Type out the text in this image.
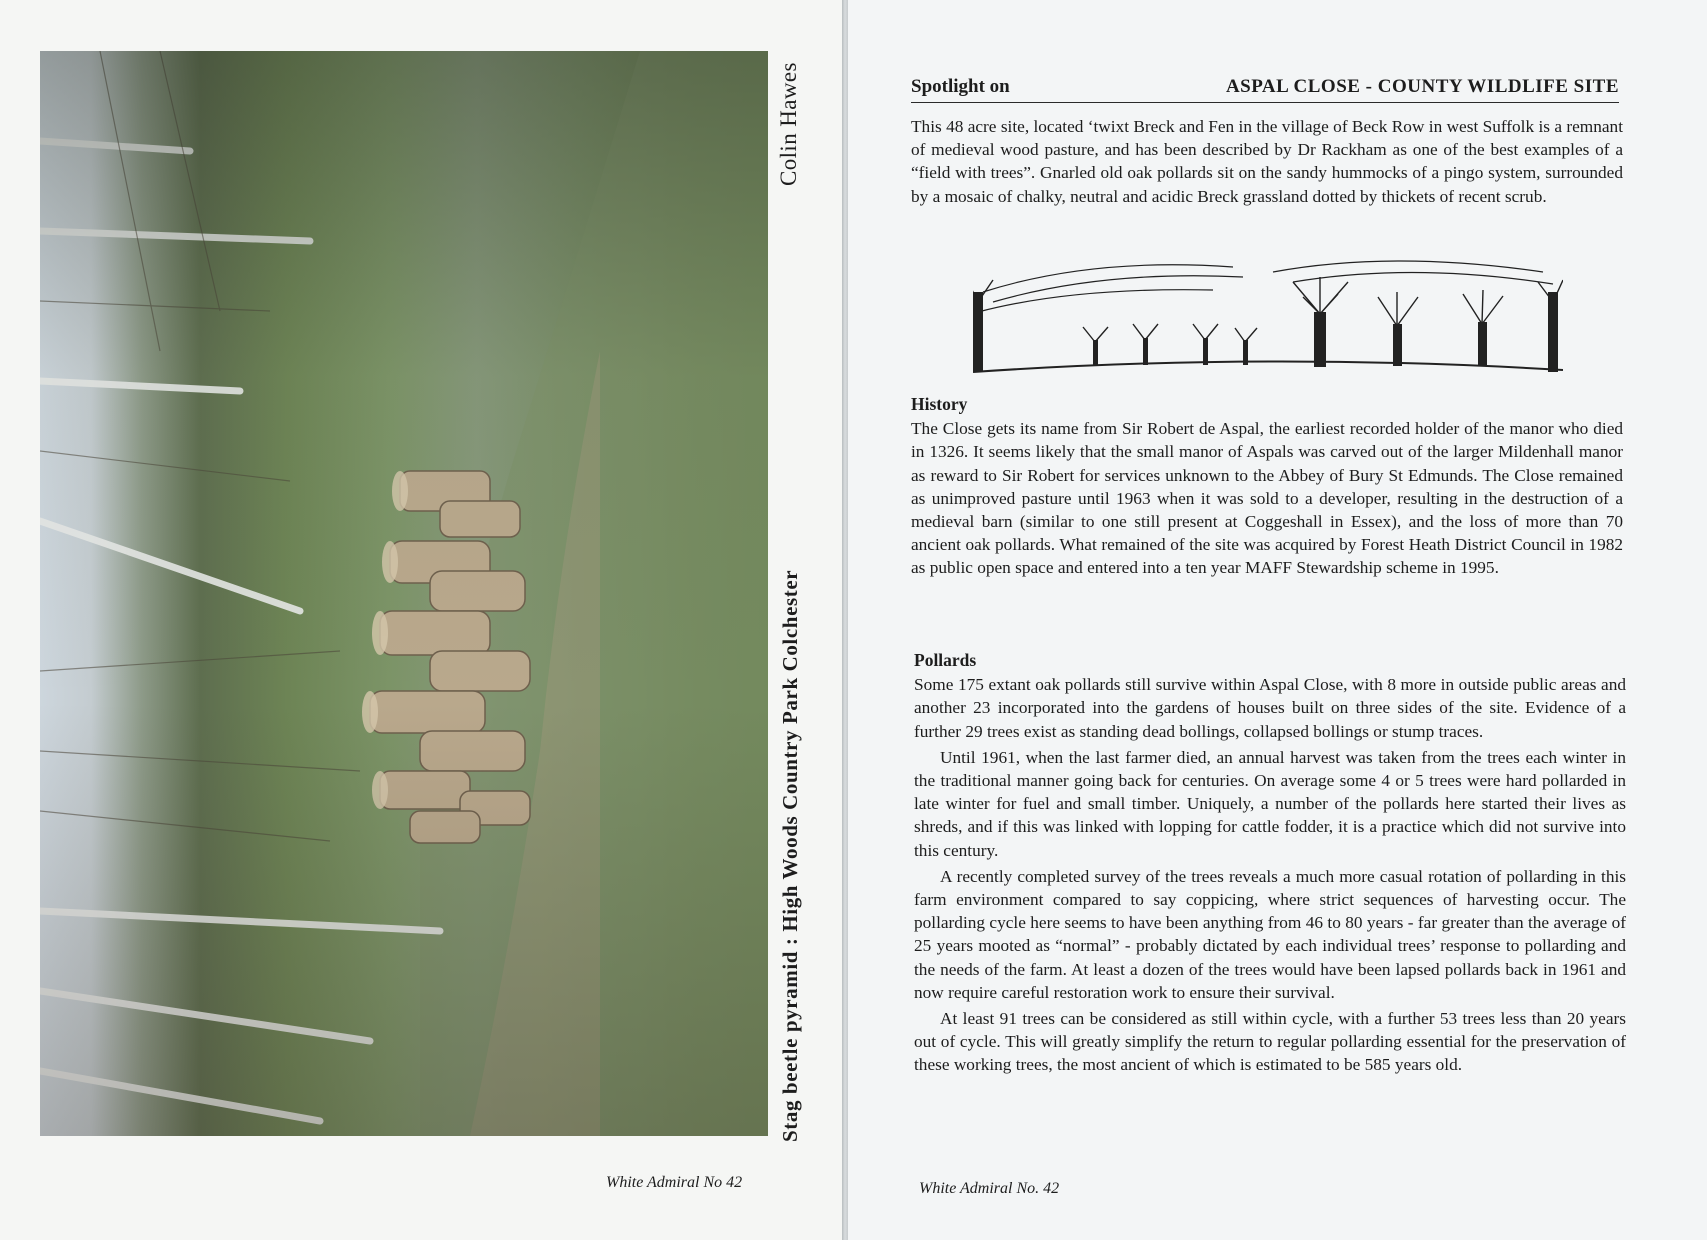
Stag beetle pyramid : High Woods Country Park Colchester
Colin Hawes
White Admiral No 42
Spotlight on	ASPAL CLOSE - COUNTY WILDLIFE SITE

This 48 acre site, located ‘twixt Breck and Fen in the village of Beck Row in west Suffolk is a remnant of medieval wood pasture, and has been described by Dr Rackham as one of the best examples of a “field with trees”. Gnarled old oak pollards sit on the sandy hummocks of a pingo system, surrounded by a mosaic of chalky, neutral and acidic Breck grassland dotted by thickets of recent scrub.

History

The Close gets its name from Sir Robert de Aspal, the earliest recorded holder of the manor who died in 1326. It seems likely that the small manor of Aspals was carved out of the larger Mildenhall manor as reward to Sir Robert for services unknown to the Abbey of Bury St Edmunds. The Close remained as unimproved pasture until 1963 when it was sold to a developer, resulting in the destruction of a medieval barn (similar to one still present at Coggeshall in Essex), and the loss of more than 70 ancient oak pollards. What remained of the site was acquired by Forest Heath District Council in 1982 as public open space and entered into a ten year MAFF Stewardship scheme in 1995.

Pollards

Some 175 extant oak pollards still survive within Aspal Close, with 8 more in outside public areas and another 23 incorporated into the gardens of houses built on three sides of the site. Evidence of a further 29 trees exist as standing dead bollings, collapsed bollings or stump traces.

Until 1961, when the last farmer died, an annual harvest was taken from the trees each winter in the traditional manner going back for centuries. On average some 4 or 5 trees were hard pollarded in late winter for fuel and small timber. Uniquely, a number of the pollards here started their lives as shreds, and if this was linked with lopping for cattle fodder, it is a practice which did not survive into this century.

A recently completed survey of the trees reveals a much more casual rotation of pollarding in this farm environment compared to say coppicing, where strict sequences of harvesting occur. The pollarding cycle here seems to have been anything from 46 to 80 years - far greater than the average of 25 years mooted as “normal” - probably dictated by each individual trees’ response to pollarding and the needs of the farm. At least a dozen of the trees would have been lapsed pollards back in 1961 and now require careful restoration work to ensure their survival.

At least 91 trees can be considered as still within cycle, with a further 53 trees less than 20 years out of cycle. This will greatly simplify the return to regular pollarding essential for the preservation of these working trees, the most ancient of which is estimated to be 585 years old.

White Admiral No. 42
